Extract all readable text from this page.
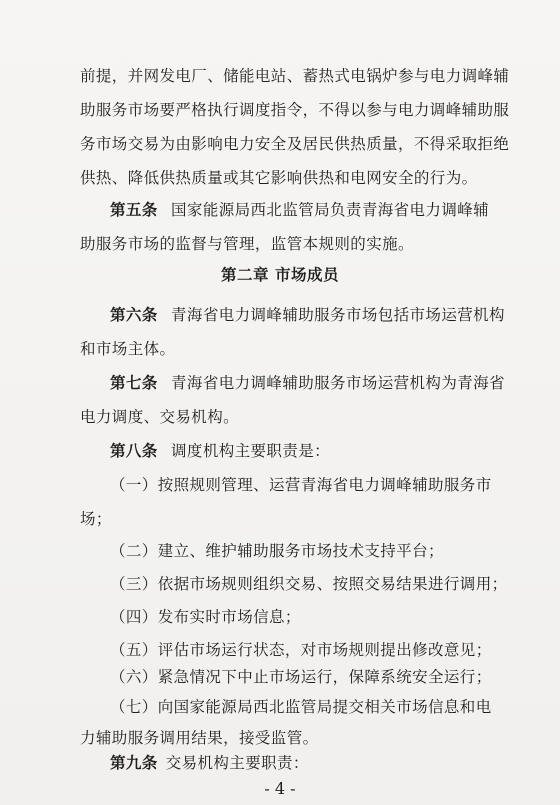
前提，并网发电厂、储能电站、蓄热式电锅炉参与电力调峰辅
助服务市场要严格执行调度指令，不得以参与电力调峰辅助服
务市场交易为由影响电力安全及居民供热质量，不得采取拒绝
供热、降低供热质量或其它影响供热和电网安全的行为。
第五条 国家能源局西北监管局负责青海省电力调峰辅
助服务市场的监督与管理，监管本规则的实施。
第二章 市场成员
第六条 青海省电力调峰辅助服务市场包括市场运营机构
和市场主体。
第七条 青海省电力调峰辅助服务市场运营机构为青海省
电力调度、交易机构。
第八条 调度机构主要职责是：
（一）按照规则管理、运营青海省电力调峰辅助服务市
场；
（二）建立、维护辅助服务市场技术支持平台；
（三）依据市场规则组织交易、按照交易结果进行调用；
（四）发布实时市场信息；
（五）评估市场运行状态，对市场规则提出修改意见；
（六）紧急情况下中止市场运行，保障系统安全运行；
（七）向国家能源局西北监管局提交相关市场信息和电
- 4 -
力辅助服务调用结果，接受监管。
第九条 交易机构主要职责：
